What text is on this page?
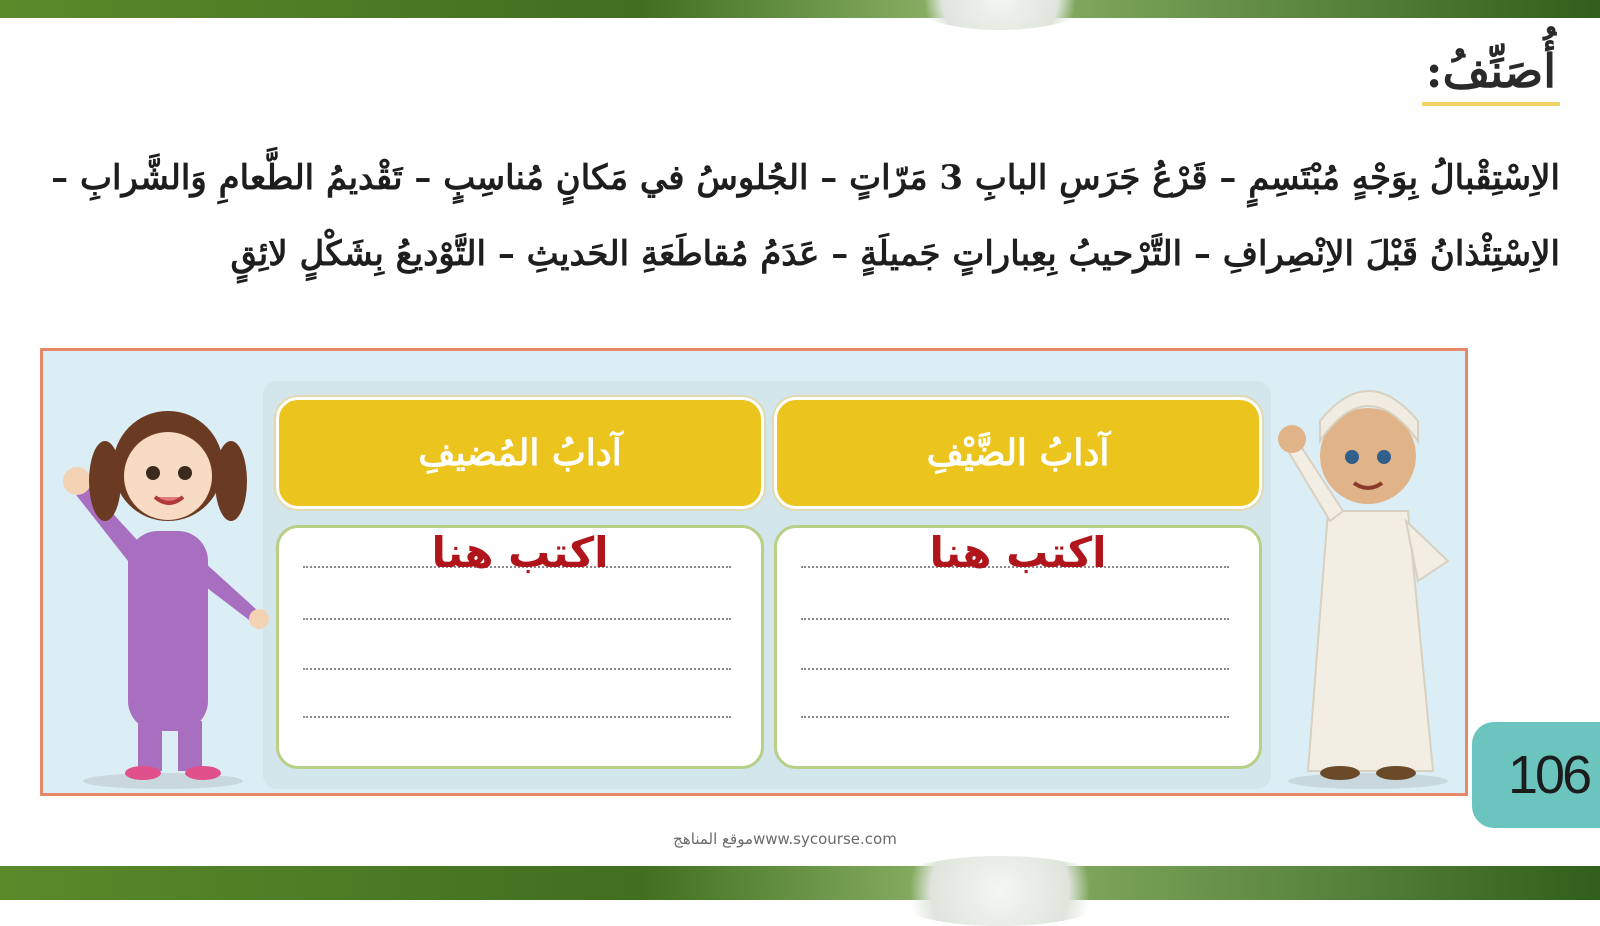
أُصَنِّفُ:
الاِسْتِقْبالُ بِوَجْهٍ مُبْتَسِمٍ – قَرْعُ جَرَسِ البابِ 3 مَرّاتٍ – الجُلوسُ في مَكانٍ مُناسِبٍ – تَقْديمُ الطَّعامِ وَالشَّرابِ –
الاِسْتِئْذانُ قَبْلَ الاِنْصِرافِ – التَّرْحيبُ بِعِباراتٍ جَميلَةٍ – عَدَمُ مُقاطَعَةِ الحَديثِ – التَّوْديعُ بِشَكْلٍ لائِقٍ
آدابُ الضَّيْفِ
اكتب هنا
آدابُ المُضيفِ
اكتب هنا
106
موقع المناهجwww.sycourse.com
